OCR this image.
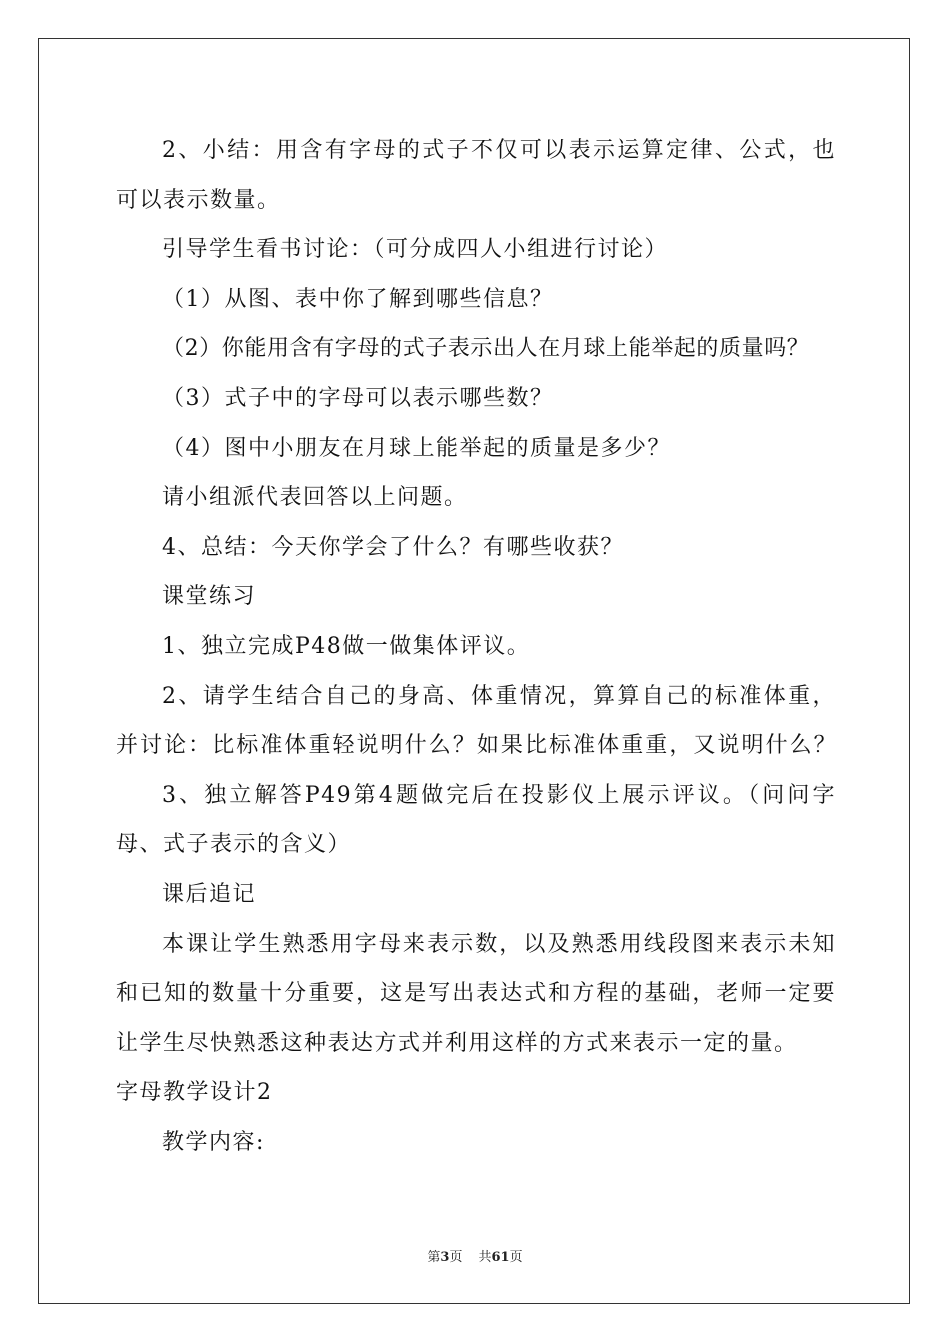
2、小结：用含有字母的式子不仅可以表示运算定律、公式，也
可以表示数量。
引导学生看书讨论：（可分成四人小组进行讨论）
（1）从图、表中你了解到哪些信息？
（2）你能用含有字母的式子表示出人在月球上能举起的质量吗？
（3）式子中的字母可以表示哪些数？
（4）图中小朋友在月球上能举起的质量是多少？
请小组派代表回答以上问题。
4、总结：今天你学会了什么？有哪些收获？
课堂练习
1、独立完成P48做一做集体评议。
2、请学生结合自己的身高、体重情况，算算自己的标准体重，
并讨论：比标准体重轻说明什么？如果比标准体重重，又说明什么？
3、独立解答P49第4题做完后在投影仪上展示评议。（问问字
母、式子表示的含义）
课后追记
本课让学生熟悉用字母来表示数，以及熟悉用线段图来表示未知
和已知的数量十分重要，这是写出表达式和方程的基础，老师一定要
让学生尽快熟悉这种表达方式并利用这样的方式来表示一定的量。
字母教学设计2
教学内容:
第3页 共61页
